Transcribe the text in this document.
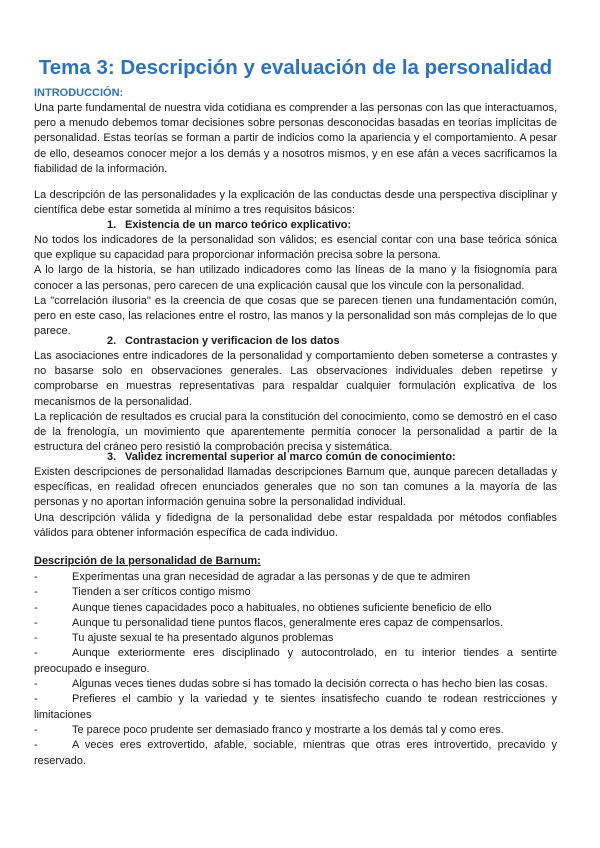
Tema 3: Descripción y evaluación de la personalidad
INTRODUCCIÓN:

Una parte fundamental de nuestra vida cotidiana es comprender a las personas con las que interactuamos, pero a menudo debemos tomar decisiones sobre personas desconocidas basadas en teorías implícitas de personalidad. Estas teorías se forman a partir de indicios como la apariencia y el comportamiento. A pesar de ello, deseamos conocer mejor a los demás y a nosotros mismos, y en ese afán a veces sacrificamos la fiabilidad de la información.

La descripción de las personalidades y la explicación de las conductas desde una perspectiva disciplinar y científica debe estar sometida al mínimo a tres requisitos básicos:

1. Existencia de un marco teórico explicativo:

No todos los indicadores de la personalidad son válidos; es esencial contar con una base teórica sónica que explique su capacidad para proporcionar información precisa sobre la persona.

A lo largo de la historia, se han utilizado indicadores como las líneas de la mano y la fisiognomía para conocer a las personas, pero carecen de una explicación causal que los vincule con la personalidad.

La "correlación ilusoria" es la creencia de que cosas que se parecen tienen una fundamentación común, pero en este caso, las relaciones entre el rostro, las manos y la personalidad son más complejas de lo que parece.

2. Contrastacion y verificacion de los datos

Las asociaciones entre indicadores de la personalidad y comportamiento deben someterse a contrastes y no basarse solo en observaciones generales. Las observaciones individuales deben repetirse y comprobarse en muestras representativas para respaldar cualquier formulación explicativa de los mecanismos de la personalidad.

La replicación de resultados es crucial para la constitución del conocimiento, como se demostró en el caso de la frenología, un movimiento que aparentemente permitía conocer la personalidad a partir de la estructura del cráneo pero resistió la comprobación precisa y sistemática.

3. Validez incremental superior al marco común de conocimiento:

Existen descripciones de personalidad llamadas descripciones Barnum que, aunque parecen detalladas y específicas, en realidad ofrecen enunciados generales que no son tan comunes a la mayoría de las personas y no aportan información genuina sobre la personalidad individual.

Una descripción válida y fidedigna de la personalidad debe estar respaldada por métodos confiables válidos para obtener información específica de cada individuo.

Descripción de la personalidad de Barnum:
-	Experimentas una gran necesidad de agradar a las personas y de que te admiren
-	Tienden a ser críticos contigo mismo
-	Aunque tienes capacidades poco a habituales, no obtienes suficiente beneficio de ello
-	Aunque tu personalidad tiene puntos flacos, generalmente eres capaz de compensarlos.
-	Tu ajuste sexual te ha presentado algunos problemas
-	Aunque exteriormente eres disciplinado y autocontrolado, en tu interior tiendes a sentirte preocupado e inseguro.
-	Algunas veces tienes dudas sobre si has tomado la decisión correcta o has hecho bien las cosas.
-	Prefieres el cambio y la variedad y te sientes insatisfecho cuando te rodean restricciones y limitaciones
-	Te parece poco prudente ser demasiado franco y mostrarte a los demás tal y como eres.
-	A veces eres extrovertido, afable, sociable, mientras que otras eres introvertido, precavido y reservado.
